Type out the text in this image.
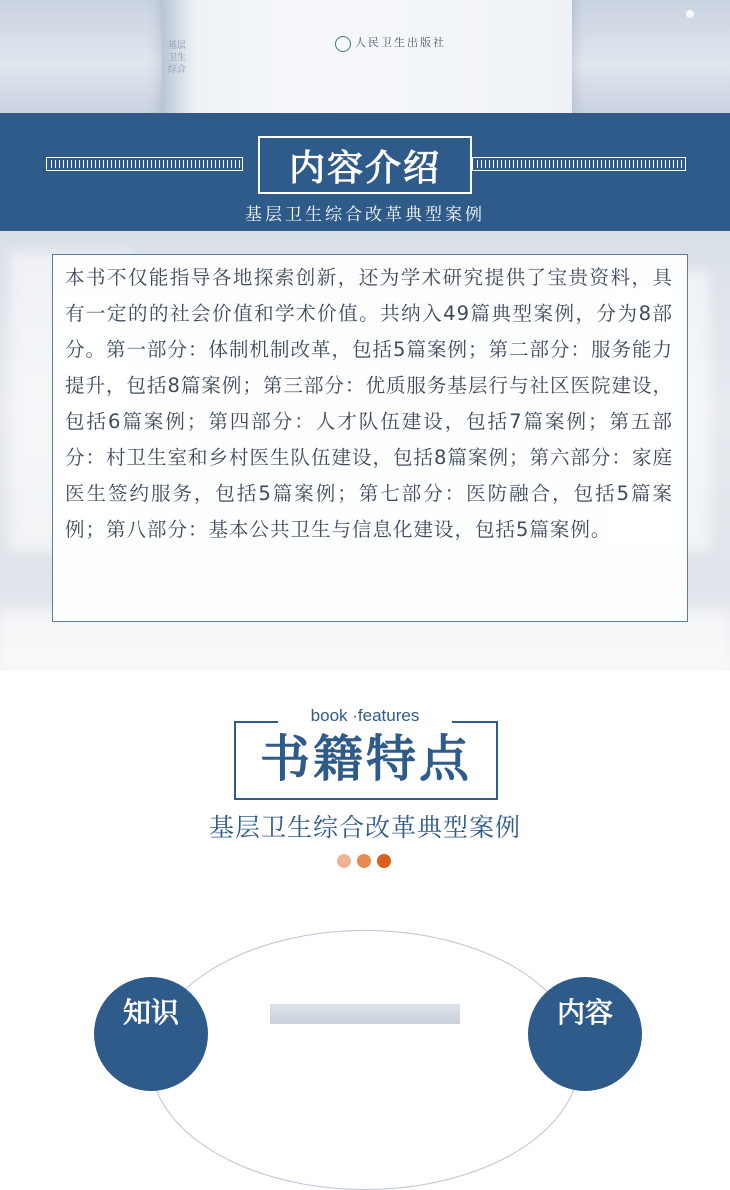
基层卫生综合
人民卫生出版社
内容介绍
基层卫生综合改革典型案例

本书不仅能指导各地探索创新，还为学术研究提供了宝贵资料，具有一定的的社会价值和学术价值。共纳入49篇典型案例，分为8部分。第一部分：体制机制改革，包括5篇案例；第二部分：服务能力提升，包括8篇案例；第三部分：优质服务基层行与社区医院建设，包括6篇案例；第四部分：人才队伍建设，包括7篇案例；第五部分：村卫生室和乡村医生队伍建设，包括8篇案例；第六部分：家庭医生签约服务，包括5篇案例；第七部分：医防融合，包括5篇案例；第八部分：基本公共卫生与信息化建设，包括5篇案例。

book ·features
书籍特点
基层卫生综合改革典型案例
知识	内容
